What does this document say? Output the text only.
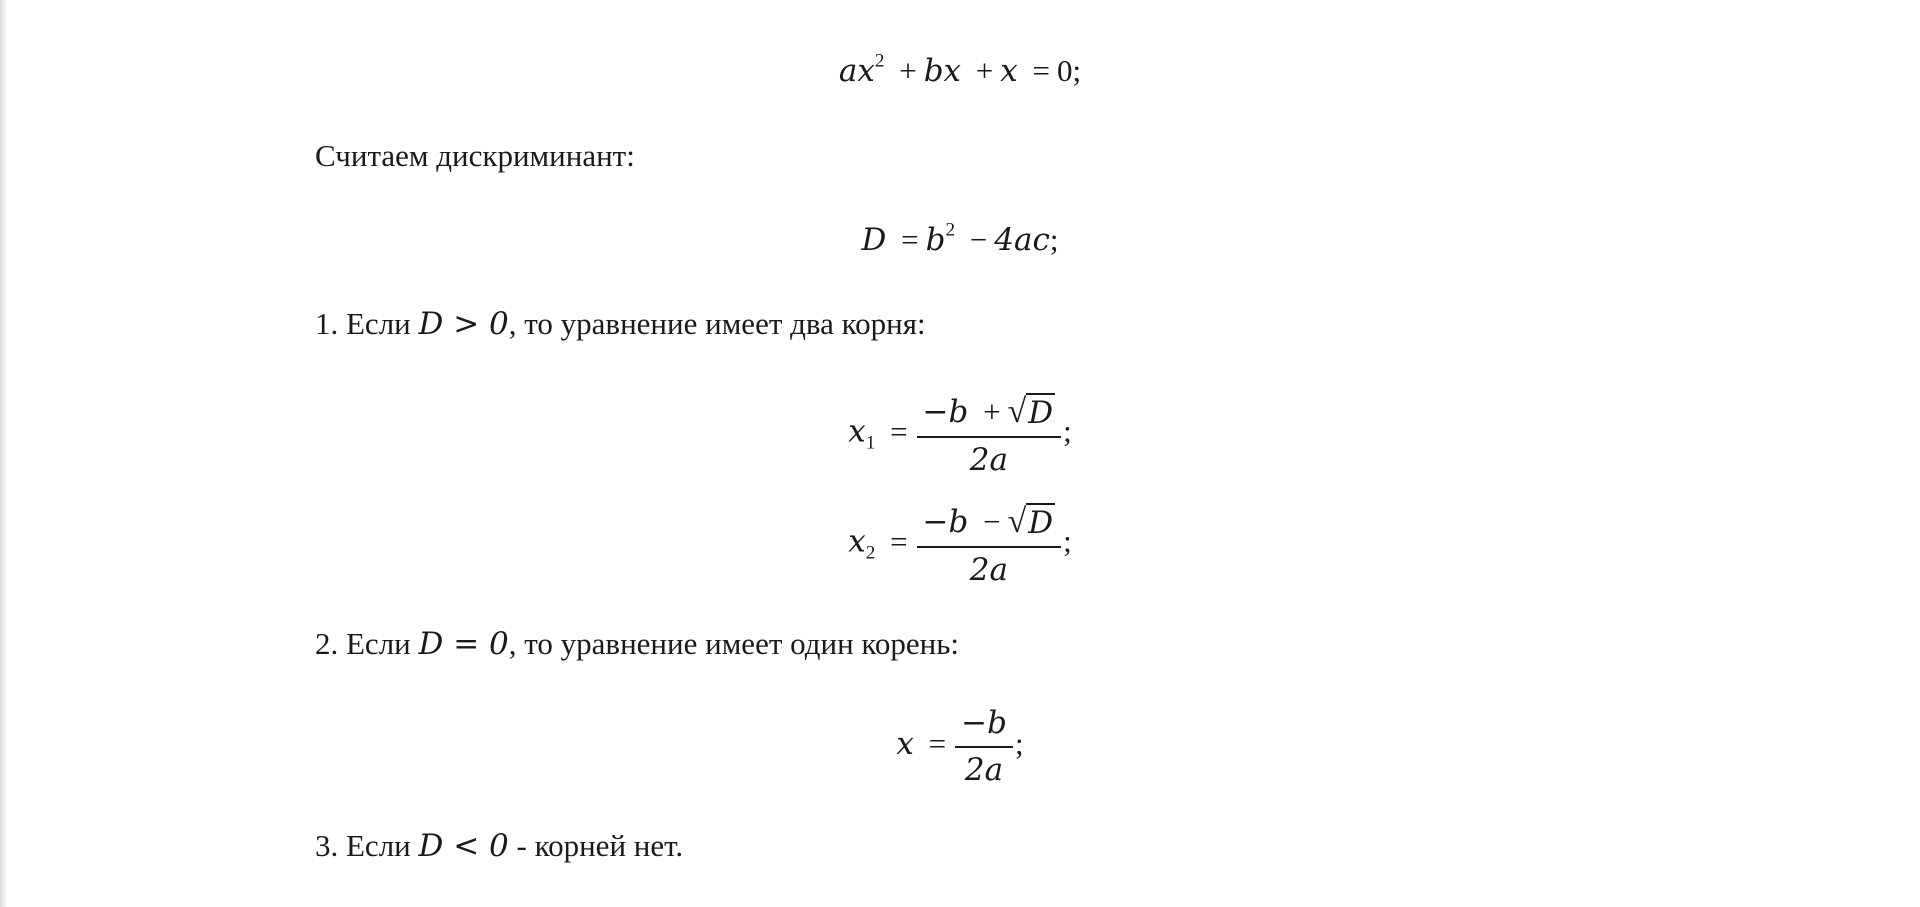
$ax^2$ + bx + x = 0;
Считаем дискриминант:
$D = b^2 - 4ac$;
1. Если D > 0, то уравнение имеет два корня:
$x_1 = \frac{-b + √ D}{2a}$ ;
$x_2 = \frac{-b - √ D}{2a}$ ;
2. Если D = 0, то уравнение имеет один корень:
$x = \frac{-b}{2a}$ ;
3. Если D < 0 - корней нет.
